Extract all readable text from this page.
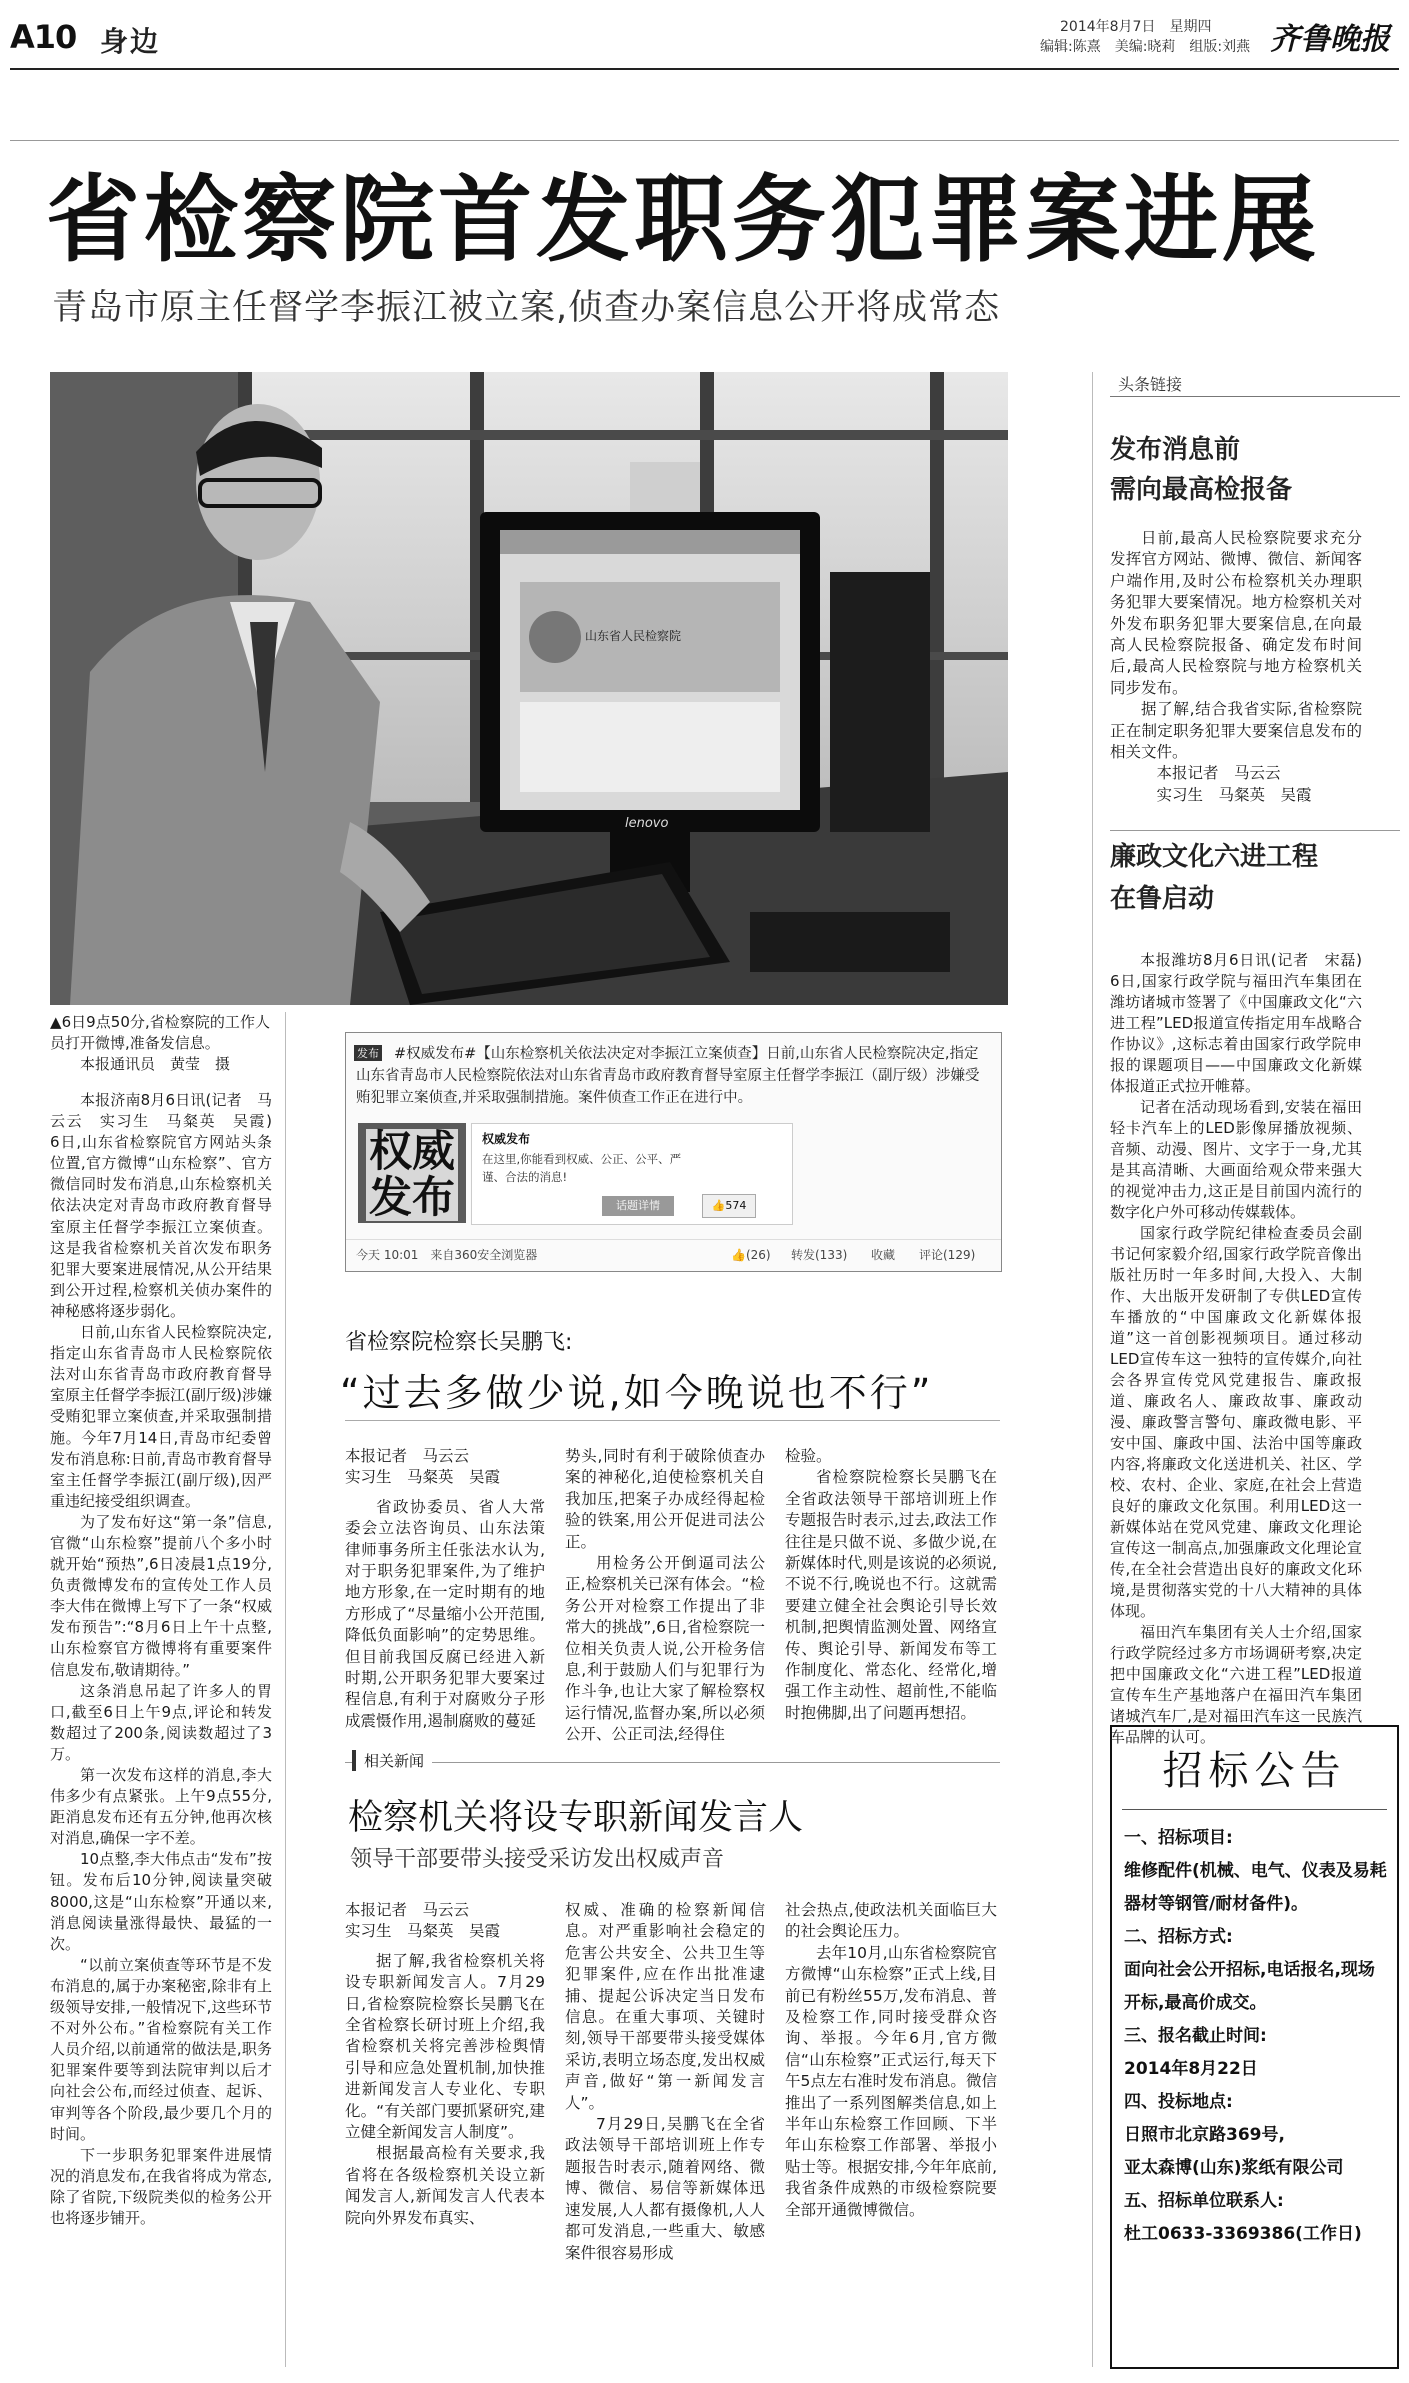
A10 身边	2014年8月7日　星期四
编辑:陈熹　美编:晓莉　组版:刘燕 齐鲁晚报
省检察院首发职务犯罪案进展
青岛市原主任督学李振江被立案,侦查办案信息公开将成常态
山东省人民检察院
lenovo
▲6日9点50分,省检察院的工作人员打开微博,准备发信息。
本报通讯员　黄莹　摄

本报济南8月6日讯(记者　马云云　实习生　马粲英　吴霞)　6日,山东省检察院官方网站头条位置,官方微博“山东检察”、官方微信同时发布消息,山东检察机关依法决定对青岛市政府教育督导室原主任督学李振江立案侦查。这是我省检察机关首次发布职务犯罪大要案进展情况,从公开结果到公开过程,检察机关侦办案件的神秘感将逐步弱化。

日前,山东省人民检察院决定,指定山东省青岛市人民检察院依法对山东省青岛市政府教育督导室原主任督学李振江(副厅级)涉嫌受贿犯罪立案侦查,并采取强制措施。今年7月14日,青岛市纪委曾发布消息称:日前,青岛市教育督导室主任督学李振江(副厅级),因严重违纪接受组织调查。

为了发布好这“第一条”信息,官微“山东检察”提前八个多小时就开始“预热”,6日凌晨1点19分,负责微博发布的宣传处工作人员李大伟在微博上写下了一条“权威发布预告”:“8月6日上午十点整,山东检察官方微博将有重要案件信息发布,敬请期待。”

这条消息吊起了许多人的胃口,截至6日上午9点,评论和转发数超过了200条,阅读数超过了3万。

第一次发布这样的消息,李大伟多少有点紧张。上午9点55分,距消息发布还有五分钟,他再次核对消息,确保一字不差。

10点整,李大伟点击“发布”按钮。发布后10分钟,阅读量突破8000,这是“山东检察”开通以来,消息阅读量涨得最快、最猛的一次。

“以前立案侦查等环节是不发布消息的,属于办案秘密,除非有上级领导安排,一般情况下,这些环节不对外公布。”省检察院有关工作人员介绍,以前通常的做法是,职务犯罪案件要等到法院审判以后才向社会公布,而经过侦查、起诉、审判等各个阶段,最少要几个月的时间。

下一步职务犯罪案件进展情况的消息发布,在我省将成为常态,除了省院,下级院类似的检务公开也将逐步铺开。

发布	#权威发布#【山东检察机关依法决定对李振江立案侦查】日前,山东省人民检察院决定,指定山东省青岛市人民检察院依法对山东省青岛市政府教育督导室原主任督学李振江（副厅级）涉嫌受贿犯罪立案侦查,并采取强制措施。案件侦查工作正在进行中。
权威发布
权威发布
在这里,你能看到权威、公正、公平、严谨、合法的消息!
话题详情	👍574
今天 10:01　来自360安全浏览器	👍(26) 转发(133) 收藏 评论(129)
省检察院检察长吴鹏飞:
“过去多做少说,如今晚说也不行”
本报记者　马云云
实习生　马粲英　吴霞

省政协委员、省人大常委会立法咨询员、山东法策律师事务所主任张法水认为,对于职务犯罪案件,为了维护地方形象,在一定时期有的地方形成了“尽量缩小公开范围,降低负面影响”的定势思维。但目前我国反腐已经进入新时期,公开职务犯罪大要案过程信息,有利于对腐败分子形成震慑作用,遏制腐败的蔓延

势头,同时有利于破除侦查办案的神秘化,迫使检察机关自我加压,把案子办成经得起检验的铁案,用公开促进司法公正。

用检务公开倒逼司法公正,检察机关已深有体会。“检务公开对检察工作提出了非常大的挑战”,6日,省检察院一位相关负责人说,公开检务信息,利于鼓励人们与犯罪行为作斗争,也让大家了解检察权运行情况,监督办案,所以必须公开、公正司法,经得住

检验。

省检察院检察长吴鹏飞在全省政法领导干部培训班上作专题报告时表示,过去,政法工作往往是只做不说、多做少说,在新媒体时代,则是该说的必须说,不说不行,晚说也不行。这就需要建立健全社会舆论引导长效机制,把舆情监测处置、网络宣传、舆论引导、新闻发布等工作制度化、常态化、经常化,增强工作主动性、超前性,不能临时抱佛脚,出了问题再想招。

相关新闻
检察机关将设专职新闻发言人
领导干部要带头接受采访发出权威声音
本报记者　马云云
实习生　马粲英　吴霞

据了解,我省检察机关将设专职新闻发言人。7月29日,省检察院检察长吴鹏飞在全省检察长研讨班上介绍,我省检察机关将完善涉检舆情引导和应急处置机制,加快推进新闻发言人专业化、专职化。“有关部门要抓紧研究,建立健全新闻发言人制度”。

根据最高检有关要求,我省将在各级检察机关设立新闻发言人,新闻发言人代表本院向外界发布真实、

权威、准确的检察新闻信息。对严重影响社会稳定的危害公共安全、公共卫生等犯罪案件,应在作出批准逮捕、提起公诉决定当日发布信息。在重大事项、关键时刻,领导干部要带头接受媒体采访,表明立场态度,发出权威声音,做好“第一新闻发言人”。

7月29日,吴鹏飞在全省政法领导干部培训班上作专题报告时表示,随着网络、微博、微信、易信等新媒体迅速发展,人人都有摄像机,人人都可发消息,一些重大、敏感案件很容易形成

社会热点,使政法机关面临巨大的社会舆论压力。

去年10月,山东省检察院官方微博“山东检察”正式上线,目前已有粉丝55万,发布消息、普及检察工作,同时接受群众咨询、举报。今年6月,官方微信“山东检察”正式运行,每天下午5点左右准时发布消息。微信推出了一系列图解类信息,如上半年山东检察工作回顾、下半年山东检察工作部署、举报小贴士等。根据安排,今年年底前,我省条件成熟的市级检察院要全部开通微博微信。

头条链接
发布消息前
需向最高检报备

日前,最高人民检察院要求充分发挥官方网站、微博、微信、新闻客户端作用,及时公布检察机关办理职务犯罪大要案情况。地方检察机关对外发布职务犯罪大要案信息,在向最高人民检察院报备、确定发布时间后,最高人民检察院与地方检察机关同步发布。

据了解,结合我省实际,省检察院正在制定职务犯罪大要案信息发布的相关文件。

本报记者　马云云

实习生　马粲英　吴霞

廉政文化六进工程
在鲁启动

本报潍坊8月6日讯(记者　宋磊)　6日,国家行政学院与福田汽车集团在潍坊诸城市签署了《中国廉政文化“六进工程”LED报道宣传指定用车战略合作协议》,这标志着由国家行政学院申报的课题项目——中国廉政文化新媒体报道正式拉开帷幕。

记者在活动现场看到,安装在福田轻卡汽车上的LED影像屏播放视频、音频、动漫、图片、文字于一身,尤其是其高清晰、大画面给观众带来强大的视觉冲击力,这正是目前国内流行的数字化户外可移动传媒载体。

国家行政学院纪律检查委员会副书记何家毅介绍,国家行政学院音像出版社历时一年多时间,大投入、大制作、大出版开发研制了专供LED宣传车播放的“中国廉政文化新媒体报道”这一首创影视频项目。通过移动LED宣传车这一独特的宣传媒介,向社会各界宣传党风党建报告、廉政报道、廉政名人、廉政故事、廉政动漫、廉政警言警句、廉政微电影、平安中国、廉政中国、法治中国等廉政内容,将廉政文化送进机关、社区、学校、农村、企业、家庭,在社会上营造良好的廉政文化氛围。利用LED这一新媒体站在党风党建、廉政文化理论宣传这一制高点,加强廉政文化理论宣传,在全社会营造出良好的廉政文化环境,是贯彻落实党的十八大精神的具体体现。

福田汽车集团有关人士介绍,国家行政学院经过多方市场调研考察,决定把中国廉政文化“六进工程”LED报道宣传车生产基地落户在福田汽车集团诸城汽车厂,是对福田汽车这一民族汽车品牌的认可。

招标公告
一、招标项目:
维修配件(机械、电气、仪表及易耗器材等钢管/耐材备件)。
二、招标方式:
面向社会公开招标,电话报名,现场开标,最高价成交。
三、报名截止时间:
2014年8月22日
四、投标地点:
日照市北京路369号,
亚太森博(山东)浆纸有限公司
五、招标单位联系人:
杜工0633-3369386(工作日)
